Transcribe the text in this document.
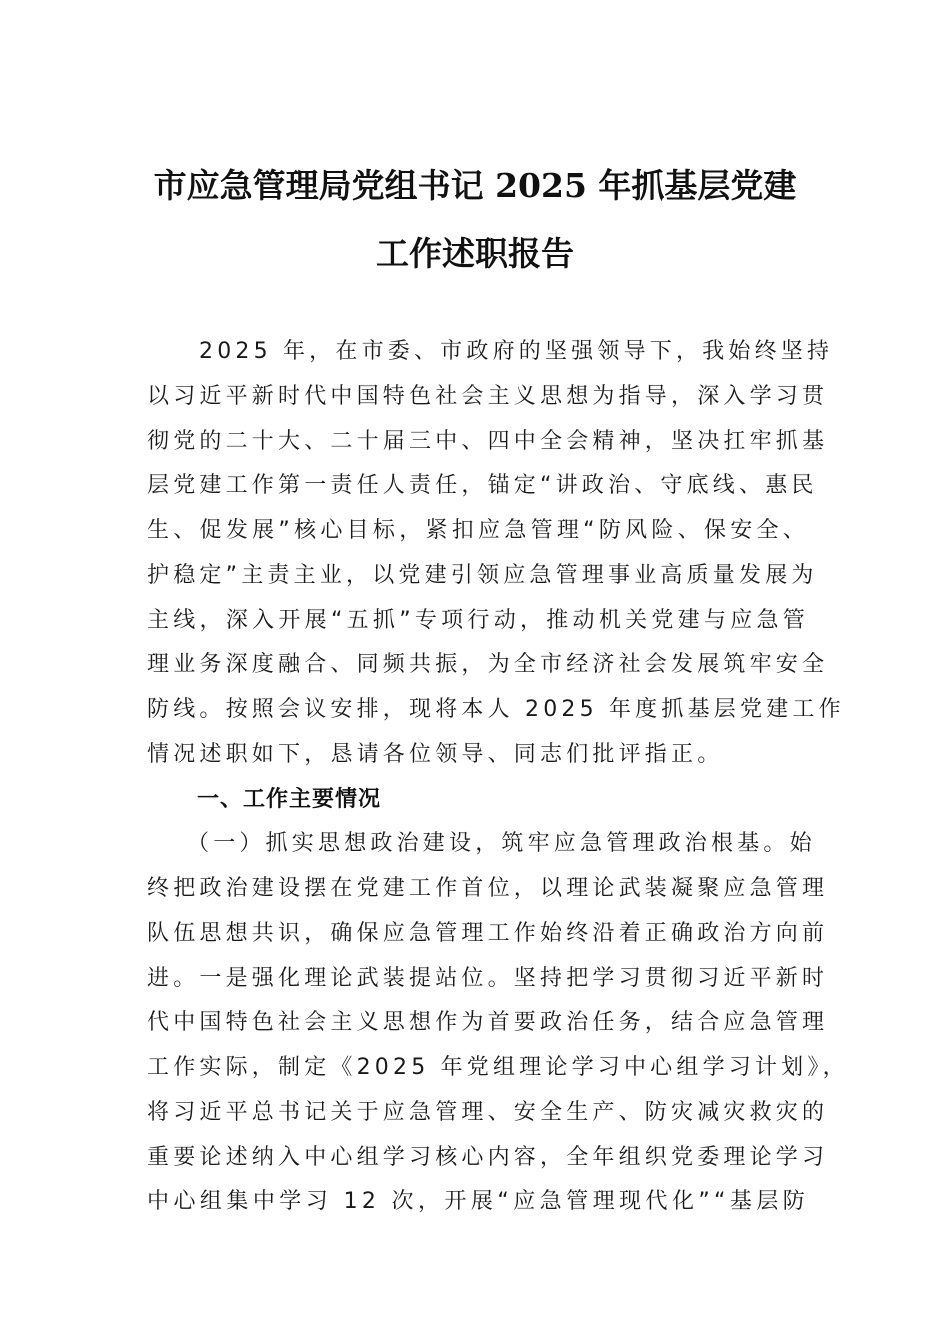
市应急管理局党组书记 2025 年抓基层党建
工作述职报告
2025 年，在市委、市政府的坚强领导下，我始终坚持
以习近平新时代中国特色社会主义思想为指导，深入学习贯
彻党的二十大、二十届三中、四中全会精神，坚决扛牢抓基
层党建工作第一责任人责任，锚定“讲政治、守底线、惠民
生、促发展”核心目标，紧扣应急管理“防风险、保安全、
护稳定”主责主业，以党建引领应急管理事业高质量发展为
主线，深入开展“五抓”专项行动，推动机关党建与应急管
理业务深度融合、同频共振，为全市经济社会发展筑牢安全
防线。按照会议安排，现将本人 2025 年度抓基层党建工作
情况述职如下，恳请各位领导、同志们批评指正。
一、工作主要情况
（一）抓实思想政治建设，筑牢应急管理政治根基。始
终把政治建设摆在党建工作首位，以理论武装凝聚应急管理
队伍思想共识，确保应急管理工作始终沿着正确政治方向前
进。一是强化理论武装提站位。坚持把学习贯彻习近平新时
代中国特色社会主义思想作为首要政治任务，结合应急管理
工作实际，制定《2025 年党组理论学习中心组学习计划》，
将习近平总书记关于应急管理、安全生产、防灾减灾救灾的
重要论述纳入中心组学习核心内容，全年组织党委理论学习
中心组集中学习 12 次，开展“应急管理现代化”“基层防
